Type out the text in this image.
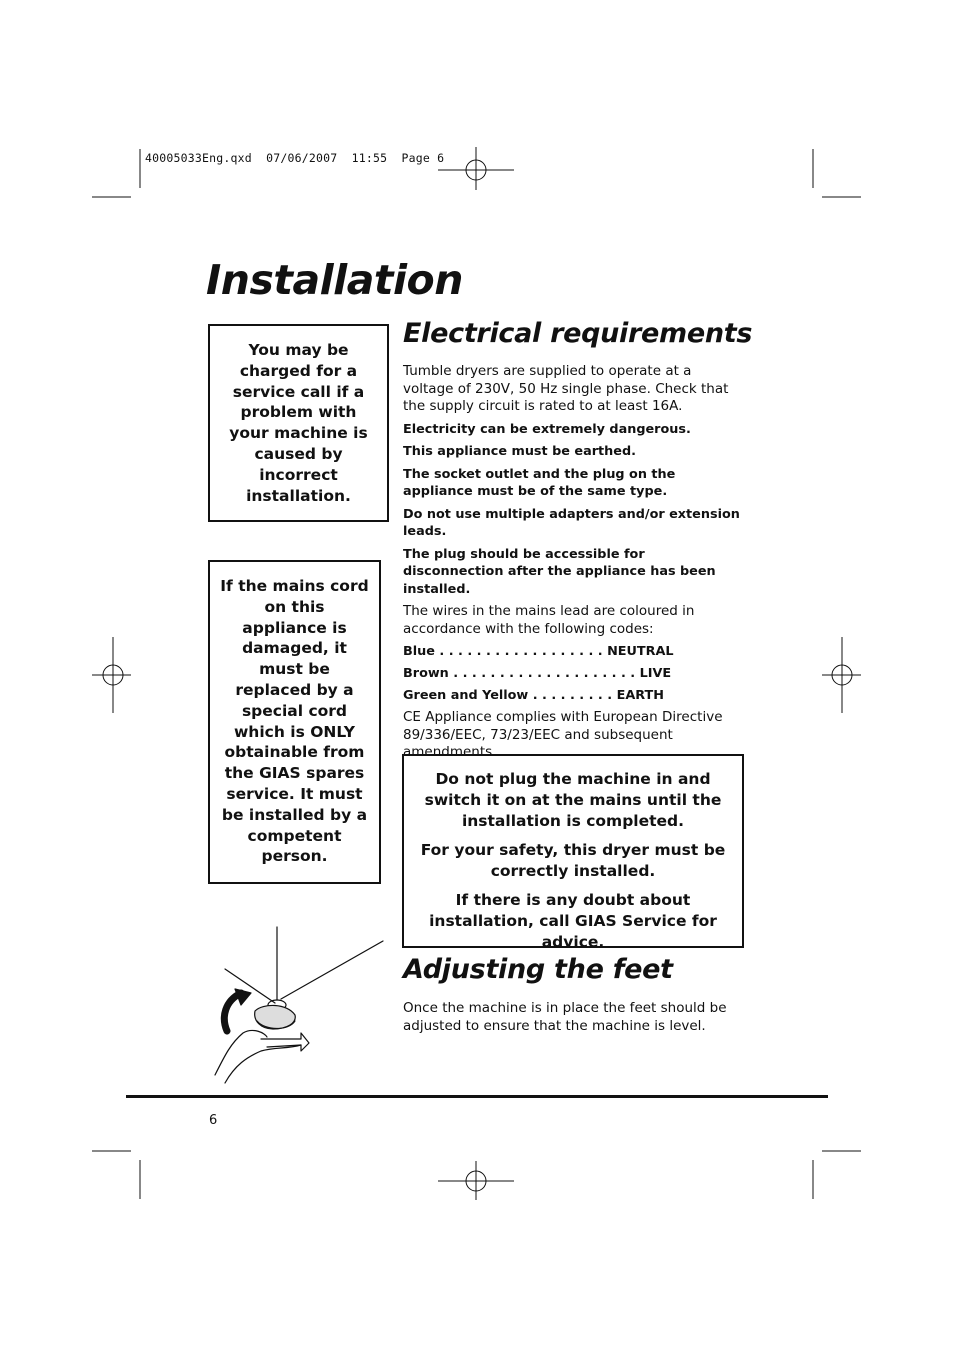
40005033Eng.qxd  07/06/2007  11:55  Page 6
Installation

You may be charged for a service call if a problem with your machine is caused by incorrect installation.

If the mains cord on this appliance is damaged, it must be replaced by a special cord which is ONLY obtainable from the GIAS spares service. It must be installed by a competent person.

Electrical requirements

Tumble dryers are supplied to operate at a voltage of 230V, 50 Hz single phase. Check that the supply circuit is rated to at least 16A.

Electricity can be extremely dangerous.

This appliance must be earthed.

The socket outlet and the plug on the appliance must be of the same type.

Do not use multiple adapters and/or extension leads.

The plug should be accessible for disconnection after the appliance has been installed.

The wires in the mains lead are coloured in accordance with the following codes:

Blue . . . . . . . . . . . . . . . . . . NEUTRAL
Brown . . . . . . . . . . . . . . . . . . . . LIVE
Green and Yellow . . . . . . . . . EARTH

CE Appliance complies with European Directive 89/336/EEC, 73/23/EEC and subsequent amendments.

Do not plug the machine in and switch it on at the mains until the installation is completed.

For your safety, this dryer must be correctly installed.

If there is any doubt about installation, call GIAS Service for advice.

Adjusting the feet

Once the machine is in place the feet should be adjusted to ensure that the machine is level.

6
